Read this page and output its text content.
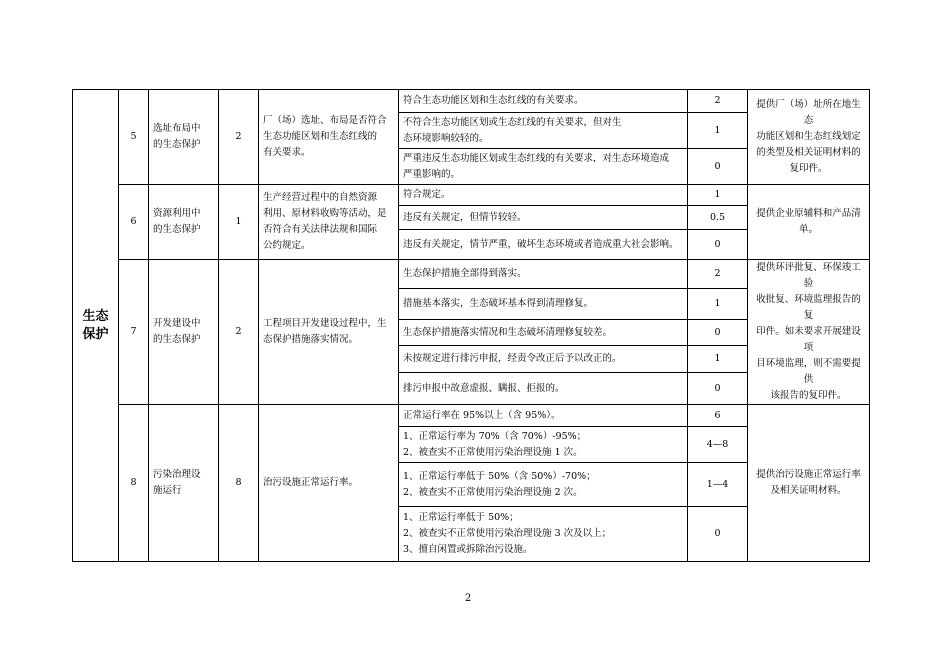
生态
保护	5	选址布局中
的生态保护	2	厂（场）选址、布局是否符合
生态功能区划和生态红线的
有关要求。	符合生态功能区划和生态红线的有关要求。	2	提供厂（场）址所在地生态
功能区划和生态红线划定
的类型及相关证明材料的
复印件。

					不符合生态功能区划或生态红线的有关要求，但对生
态环境影响较轻的。	1	

					严重违反生态功能区划或生态红线的有关要求，对生态环境造成
严重影响的。	0	
	6	资源利用中
的生态保护	1	生产经营过程中的自然资源
利用、原材料收购等活动，是
否符合有关法律法规和国际
公约规定。	符合规定。	1	提供企业原辅料和产品清
单。

					违反有关规定，但情节较轻。	0.5	

					违反有关规定，情节严重，破坏生态环境或者造成重大社会影响。	0	
	7	开发建设中
的生态保护	2	工程项目开发建设过程中，生
态保护措施落实情况。	生态保护措施全部得到落实。	2	提供环评批复、环保竣工验
收批复、环境监理报告的复
印件。如未要求开展建设项
目环境监理，则不需要提供
该报告的复印件。

					措施基本落实，生态破坏基本得到清理修复。	1	

					生态保护措施落实情况和生态破坏清理修复较差。	0	

					未按规定进行排污申报，经责令改正后予以改正的。	1	

					排污申报中故意虚报、瞒报、拒报的。	0	
	8	污染治理设
施运行	8	治污设施正常运行率。	正常运行率在 95%以上（含 95%）。	6	提供治污设施正常运行率
及相关证明材料。

					1、正常运行率为 70%（含 70%）-95%；
2、被查实不正常使用污染治理设施 1 次。	4—8	

					1、正常运行率低于 50%（含 50%）-70%；
2、被查实不正常使用污染治理设施 2 次。	1—4	

					1、正常运行率低于 50%；
2、被查实不正常使用污染治理设施 3 次及以上；
3、擅自闲置或拆除治污设施。	0	
2
